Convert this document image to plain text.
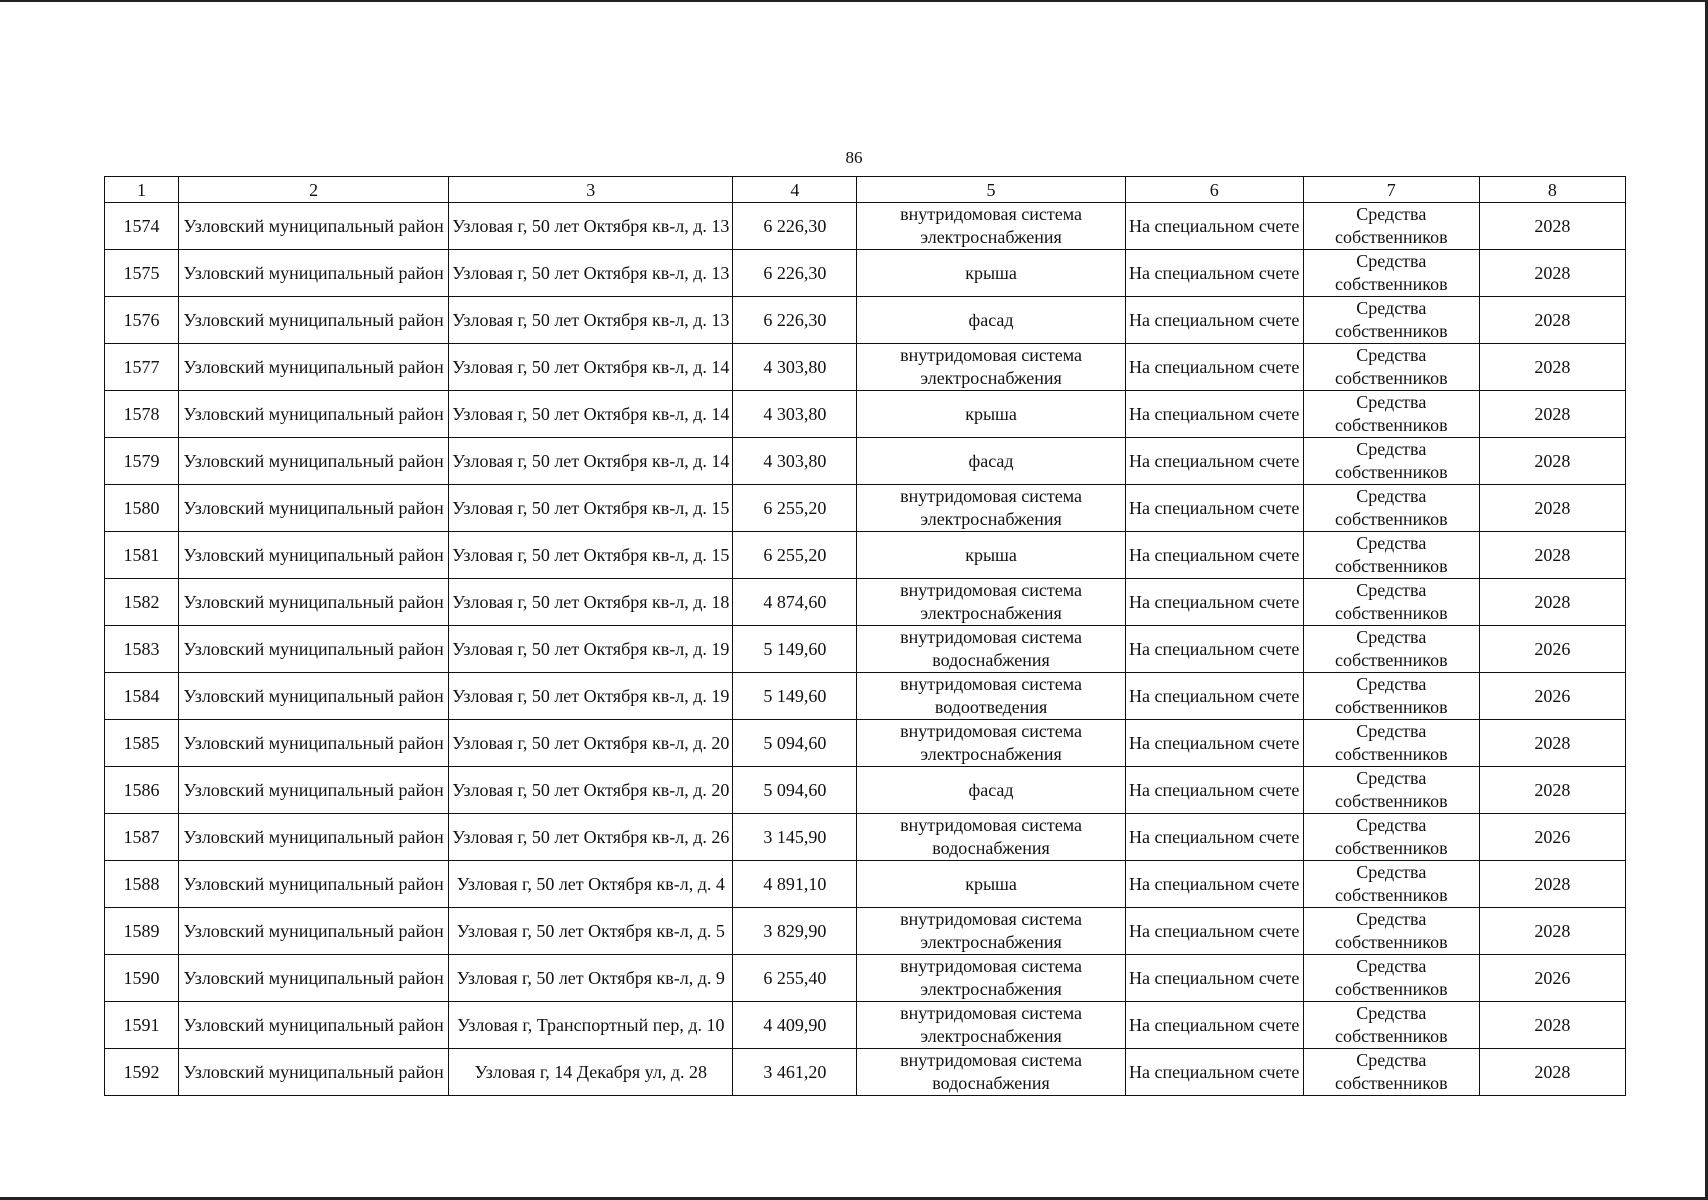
86
1	2	3	4	5	6	7	8
1574	Узловский муниципальный район	Узловая г, 50 лет Октября кв-л, д. 13	6 226,30	внутридомовая система электроснабжения	На специальном счете	Средства собственников	2028
1575	Узловский муниципальный район	Узловая г, 50 лет Октября кв-л, д. 13	6 226,30	крыша	На специальном счете	Средства собственников	2028
1576	Узловский муниципальный район	Узловая г, 50 лет Октября кв-л, д. 13	6 226,30	фасад	На специальном счете	Средства собственников	2028
1577	Узловский муниципальный район	Узловая г, 50 лет Октября кв-л, д. 14	4 303,80	внутридомовая система электроснабжения	На специальном счете	Средства собственников	2028
1578	Узловский муниципальный район	Узловая г, 50 лет Октября кв-л, д. 14	4 303,80	крыша	На специальном счете	Средства собственников	2028
1579	Узловский муниципальный район	Узловая г, 50 лет Октября кв-л, д. 14	4 303,80	фасад	На специальном счете	Средства собственников	2028
1580	Узловский муниципальный район	Узловая г, 50 лет Октября кв-л, д. 15	6 255,20	внутридомовая система электроснабжения	На специальном счете	Средства собственников	2028
1581	Узловский муниципальный район	Узловая г, 50 лет Октября кв-л, д. 15	6 255,20	крыша	На специальном счете	Средства собственников	2028
1582	Узловский муниципальный район	Узловая г, 50 лет Октября кв-л, д. 18	4 874,60	внутридомовая система электроснабжения	На специальном счете	Средства собственников	2028
1583	Узловский муниципальный район	Узловая г, 50 лет Октября кв-л, д. 19	5 149,60	внутридомовая система водоснабжения	На специальном счете	Средства собственников	2026
1584	Узловский муниципальный район	Узловая г, 50 лет Октября кв-л, д. 19	5 149,60	внутридомовая система водоотведения	На специальном счете	Средства собственников	2026
1585	Узловский муниципальный район	Узловая г, 50 лет Октября кв-л, д. 20	5 094,60	внутридомовая система электроснабжения	На специальном счете	Средства собственников	2028
1586	Узловский муниципальный район	Узловая г, 50 лет Октября кв-л, д. 20	5 094,60	фасад	На специальном счете	Средства собственников	2028
1587	Узловский муниципальный район	Узловая г, 50 лет Октября кв-л, д. 26	3 145,90	внутридомовая система водоснабжения	На специальном счете	Средства собственников	2026
1588	Узловский муниципальный район	Узловая г, 50 лет Октября кв-л, д. 4	4 891,10	крыша	На специальном счете	Средства собственников	2028
1589	Узловский муниципальный район	Узловая г, 50 лет Октября кв-л, д. 5	3 829,90	внутридомовая система электроснабжения	На специальном счете	Средства собственников	2028
1590	Узловский муниципальный район	Узловая г, 50 лет Октября кв-л, д. 9	6 255,40	внутридомовая система электроснабжения	На специальном счете	Средства собственников	2026
1591	Узловский муниципальный район	Узловая г, Транспортный пер, д. 10	4 409,90	внутридомовая система электроснабжения	На специальном счете	Средства собственников	2028
1592	Узловский муниципальный район	Узловая г, 14 Декабря ул, д. 28	3 461,20	внутридомовая система водоснабжения	На специальном счете	Средства собственников	2028
